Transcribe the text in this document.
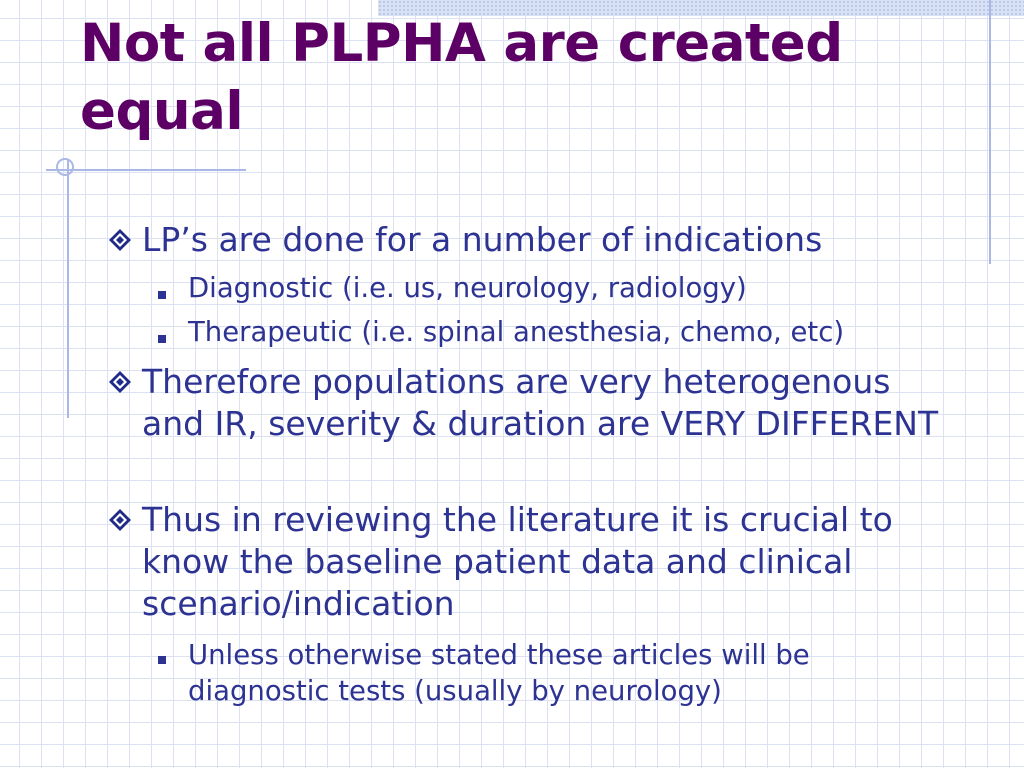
Not all PLPHA are created equal
LP’s are done for a number of indications
Diagnostic (i.e. us, neurology, radiology)
Therapeutic (i.e. spinal anesthesia, chemo, etc)
Therefore populations are very heterogenous and IR, severity & duration are VERY DIFFERENT
Thus in reviewing the literature it is crucial to know the baseline patient data and clinical scenario/indication
Unless otherwise stated these articles will be diagnostic tests (usually by neurology)
